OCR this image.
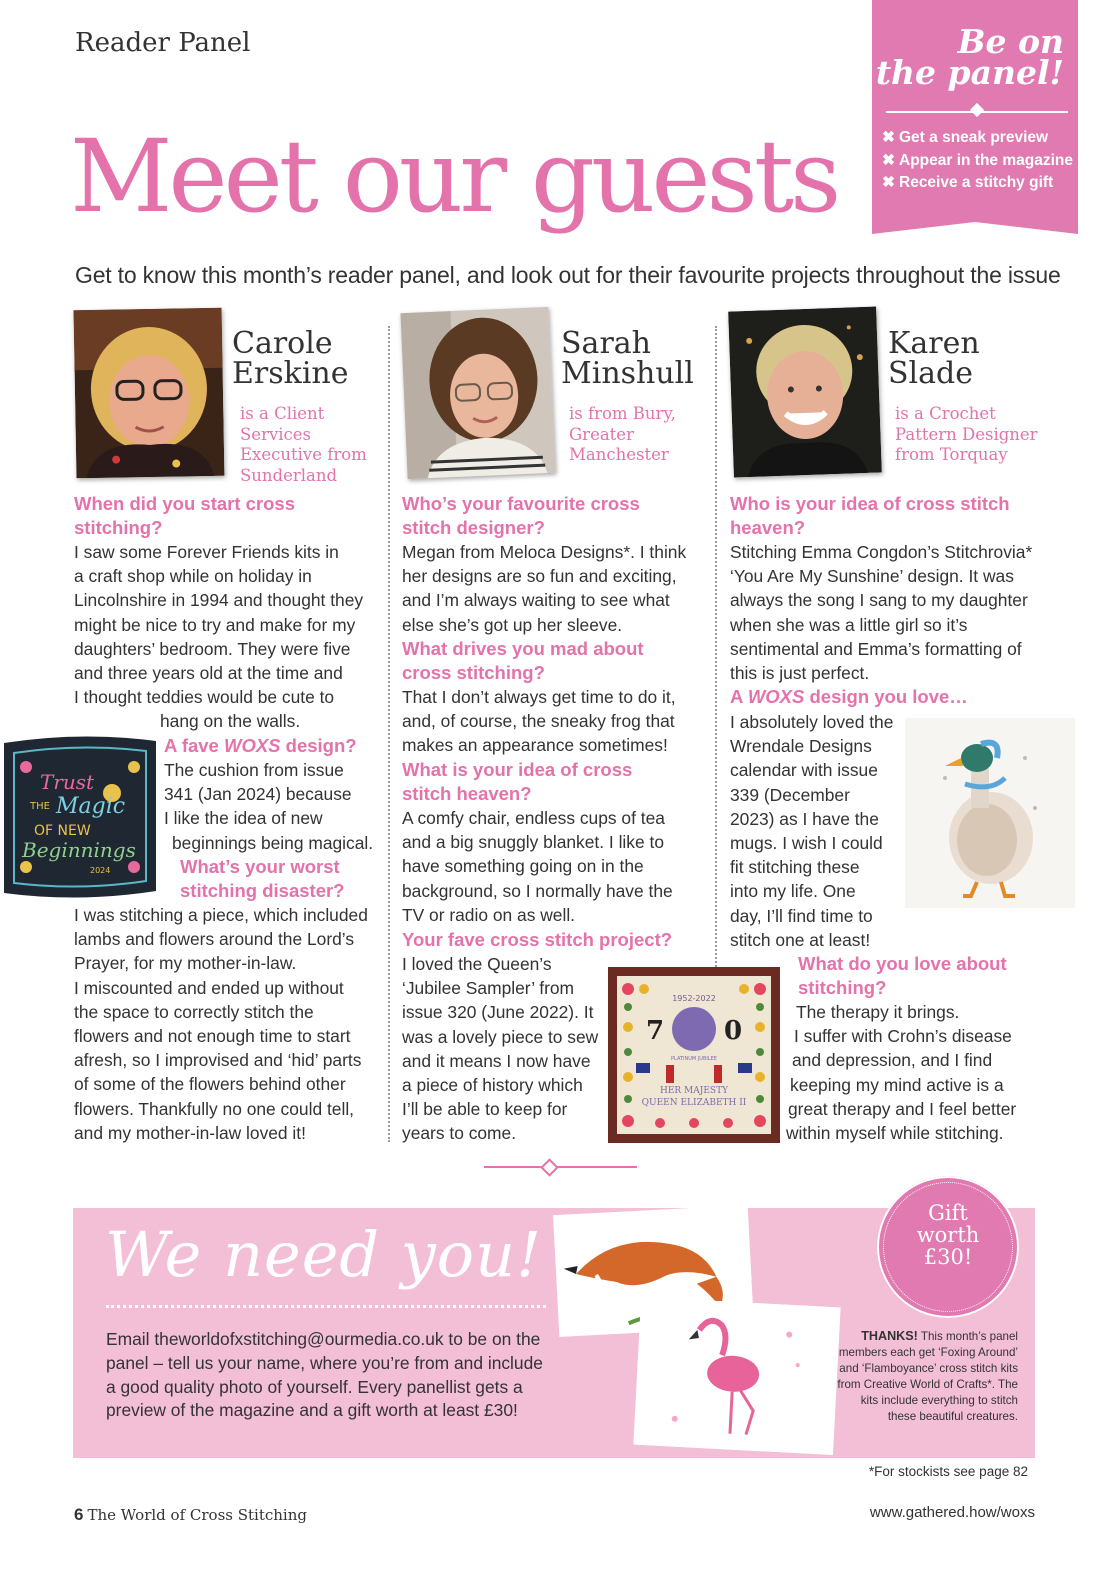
Reader Panel	Be on
the panel!
✖ Get a sneak preview
✖ Appear in the magazine
✖ Receive a stitchy gift
Meet our guests
Get to know this month’s reader panel, and look out for their favourite projects throughout the issue
Carole
Erskine
is a Client
Services
Executive from
Sunderland
When did you start cross
stitching?
I saw some Forever Friends kits in
a craft shop while on holiday in
Lincolnshire in 1994 and thought they
might be nice to try and make for my
daughters’ bedroom. They were five
and three years old at the time and
I thought teddies would be cute to
hang on the walls.
Trust
THE Magic
OF NEW
Beginnings
2024
A fave WOXS design?
The cushion from issue
341 (Jan 2024) because
I like the idea of new
beginnings being magical.
What’s your worst
stitching disaster?
I was stitching a piece, which included
lambs and flowers around the Lord’s
Prayer, for my mother-in-law.
I miscounted and ended up without
the space to correctly stitch the
flowers and not enough time to start
afresh, so I improvised and ‘hid’ parts
of some of the flowers behind other
flowers. Thankfully no one could tell,
and my mother-in-law loved it!
Sarah
Minshull
is from Bury,
Greater
Manchester
Who’s your favourite cross
stitch designer?
Megan from Meloca Designs*. I think
her designs are so fun and exciting,
and I’m always waiting to see what
else she’s got up her sleeve.
What drives you mad about
cross stitching?
That I don’t always get time to do it,
and, of course, the sneaky frog that
makes an appearance sometimes!
What is your idea of cross
stitch heaven?
A comfy chair, endless cups of tea
and a big snuggly blanket. I like to
have something going on in the
background, so I normally have the
TV or radio on as well.
Your fave cross stitch project?
I loved the Queen’s
‘Jubilee Sampler’ from
issue 320 (June 2022). It
was a lovely piece to sew
and it means I now have
a piece of history which
I’ll be able to keep for
years to come.
1952-2022
7 0
PLATINUM JUBILEE
HER MAJESTY
QUEEN ELIZABETH II
Karen
Slade
is a Crochet
Pattern Designer
from Torquay
Who is your idea of cross stitch
heaven?
Stitching Emma Congdon’s Stitchrovia*
‘You Are My Sunshine’ design. It was
always the song I sang to my daughter
when she was a little girl so it’s
sentimental and Emma’s formatting of
this is just perfect.
A WOXS design you love…
I absolutely loved the
Wrendale Designs
calendar with issue
339 (December
2023) as I have the
mugs. I wish I could
fit stitching these
into my life. One
day, I’ll find time to
stitch one at least!
What do you love about
stitching?
The therapy it brings.
I suffer with Crohn’s disease
and depression, and I find
keeping my mind active is a
great therapy and I feel better
within myself while stitching.
We need you!
Email theworldofxstitching@ourmedia.co.uk to be on the
panel – tell us your name, where you’re from and include
a good quality photo of yourself. Every panellist gets a
preview of the magazine and a gift worth at least £30!
Gift
worth
£30!
THANKS! This month’s panel
members each get ‘Foxing Around’
and ‘Flamboyance’ cross stitch kits
from Creative World of Crafts*. The
kits include everything to stitch
these beautiful creatures.
*For stockists see page 82
6 The World of Cross Stitching	www.gathered.how/woxs
